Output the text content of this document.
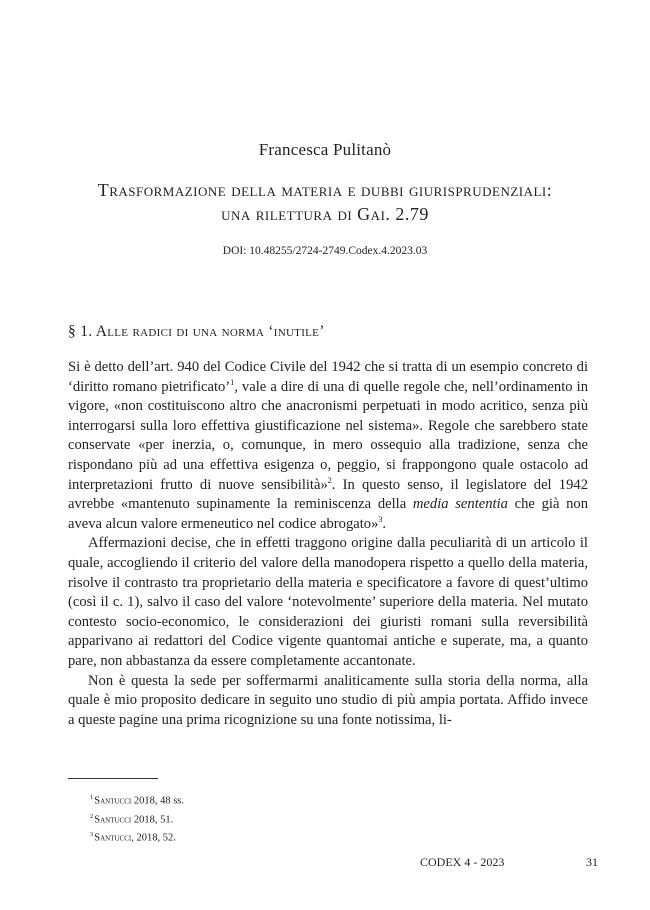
Francesca Pulitanò
Trasformazione della materia e dubbi giurisprudenziali:
una rilettura di Gai. 2.79
DOI: 10.48255/2724-2749.Codex.4.2023.03
§ 1. Alle radici di una norma ‘inutile’

Si è detto dell’art. 940 del Codice Civile del 1942 che si tratta di un esempio concreto di ‘diritto romano pietrificato’$^1$, vale a dire di una di quelle regole che, nell’ordinamento in vigore, «non costituiscono altro che anacronismi perpetuati in modo acritico, senza più interrogarsi sulla loro effettiva giustificazione nel sistema». Regole che sarebbero state conservate «per inerzia, o, comunque, in mero ossequio alla tradizione, senza che rispondano più ad una effettiva esigenza o, peggio, si frappongono quale ostacolo ad interpretazioni frutto di nuove sensibilità»$^2$. In questo senso, il legislatore del 1942 avrebbe «mantenuto supinamente la reminiscenza della media sententia che già non aveva alcun valore ermeneutico nel codice abrogato»$^3$.

Affermazioni decise, che in effetti traggono origine dalla peculiarità di un articolo il quale, accogliendo il criterio del valore della manodopera rispetto a quello della materia, risolve il contrasto tra proprietario della materia e specificatore a favore di quest’ultimo (così il c. 1), salvo il caso del valore ‘notevolmente’ superiore della materia. Nel mutato contesto socio-economico, le considerazioni dei giuristi romani sulla reversibilità apparivano ai redattori del Codice vigente quantomai antiche e superate, ma, a quanto pare, non abbastanza da essere completamente accantonate.

Non è questa la sede per soffermarmi analiticamente sulla storia della norma, alla quale è mio proposito dedicare in seguito uno studio di più ampia portata. Affido invece a queste pagine una prima ricognizione su una fonte notissima, li-

$^1$Santucci 2018, 48 ss.
$^2$Santucci 2018, 51.
$^3$Santucci, 2018, 52.
CODEX 4 - 2023	31
